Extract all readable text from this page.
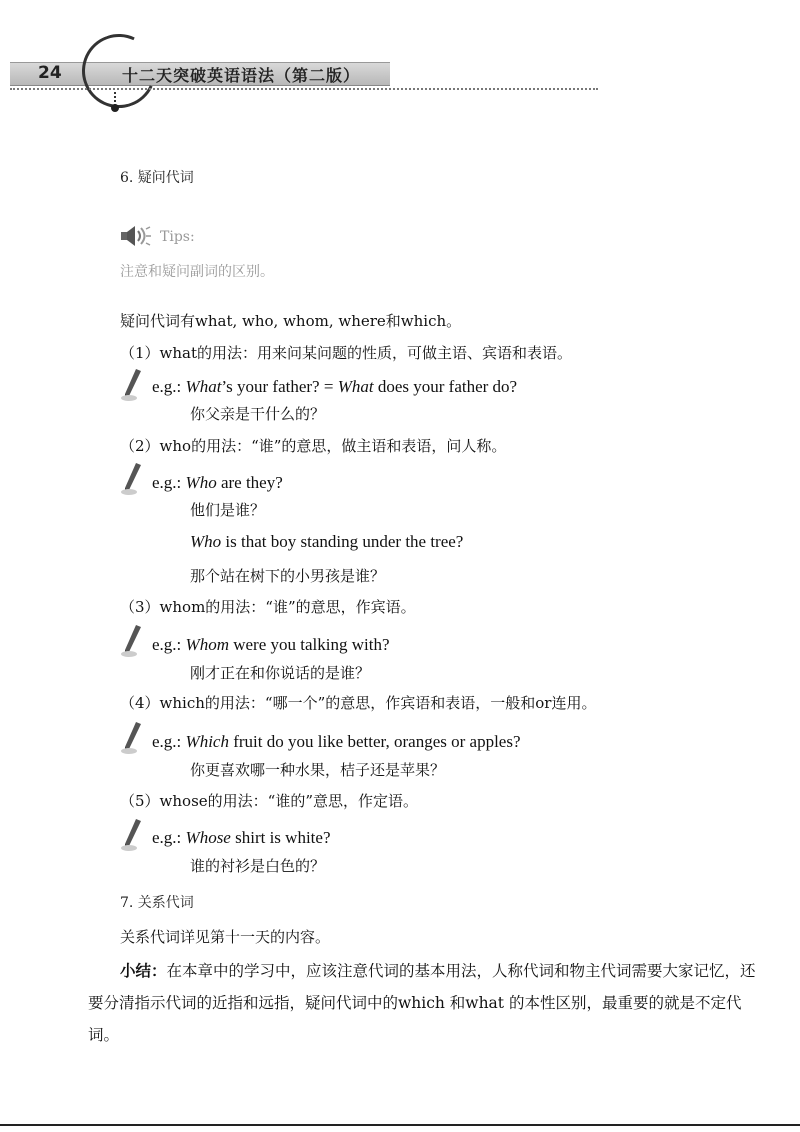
24	十二天突破英语语法（第二版）
6. 疑问代词
Tips:
注意和疑问副词的区别。
疑问代词有what, who, whom, where和which。
（1）what的用法：用来问某问题的性质，可做主语、宾语和表语。
e.g.: What’s your father? = What does your father do?
你父亲是干什么的？
（2）who的用法：“谁”的意思，做主语和表语，问人称。
e.g.: Who are they?
他们是谁？
Who is that boy standing under the tree?
那个站在树下的小男孩是谁？
（3）whom的用法：“谁”的意思，作宾语。
e.g.: Whom were you talking with?
刚才正在和你说话的是谁？
（4）which的用法：“哪一个”的意思，作宾语和表语，一般和or连用。
e.g.: Which fruit do you like better, oranges or apples?
你更喜欢哪一种水果，桔子还是苹果？
（5）whose的用法：“谁的”意思，作定语。
e.g.: Whose shirt is white?
谁的衬衫是白色的？
7. 关系代词
关系代词详见第十一天的内容。
小结：在本章中的学习中，应该注意代词的基本用法，人称代词和物主代词需要大家记忆，还要分清指示代词的近指和远指，疑问代词中的which 和what 的本性区别，最重要的就是不定代词。
